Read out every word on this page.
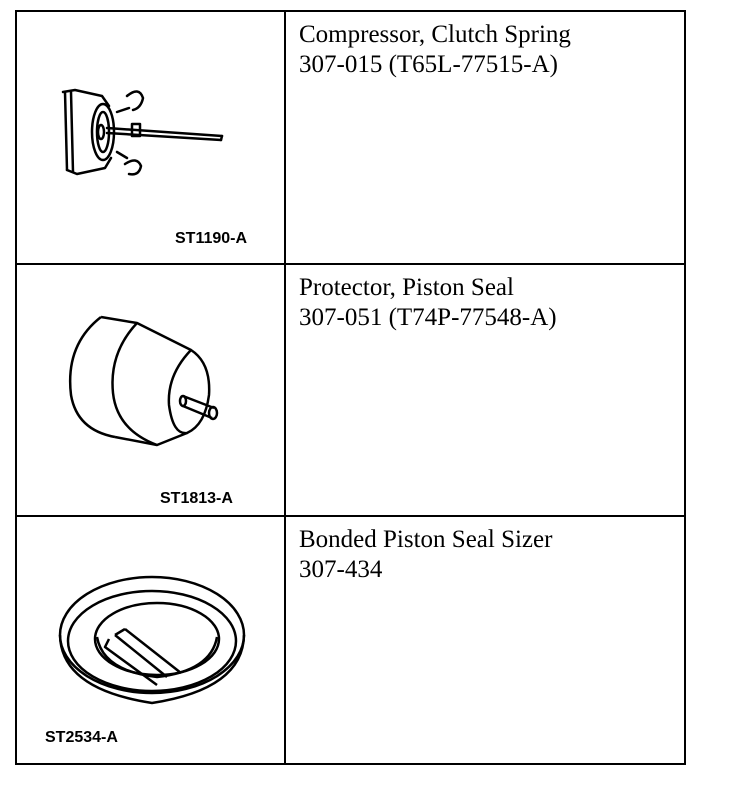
ST1190-A
Compressor, Clutch Spring
307-015 (T65L-77515-A)
ST1813-A
Protector, Piston Seal
307-051 (T74P-77548-A)
ST2534-A
Bonded Piston Seal Sizer
307-434
